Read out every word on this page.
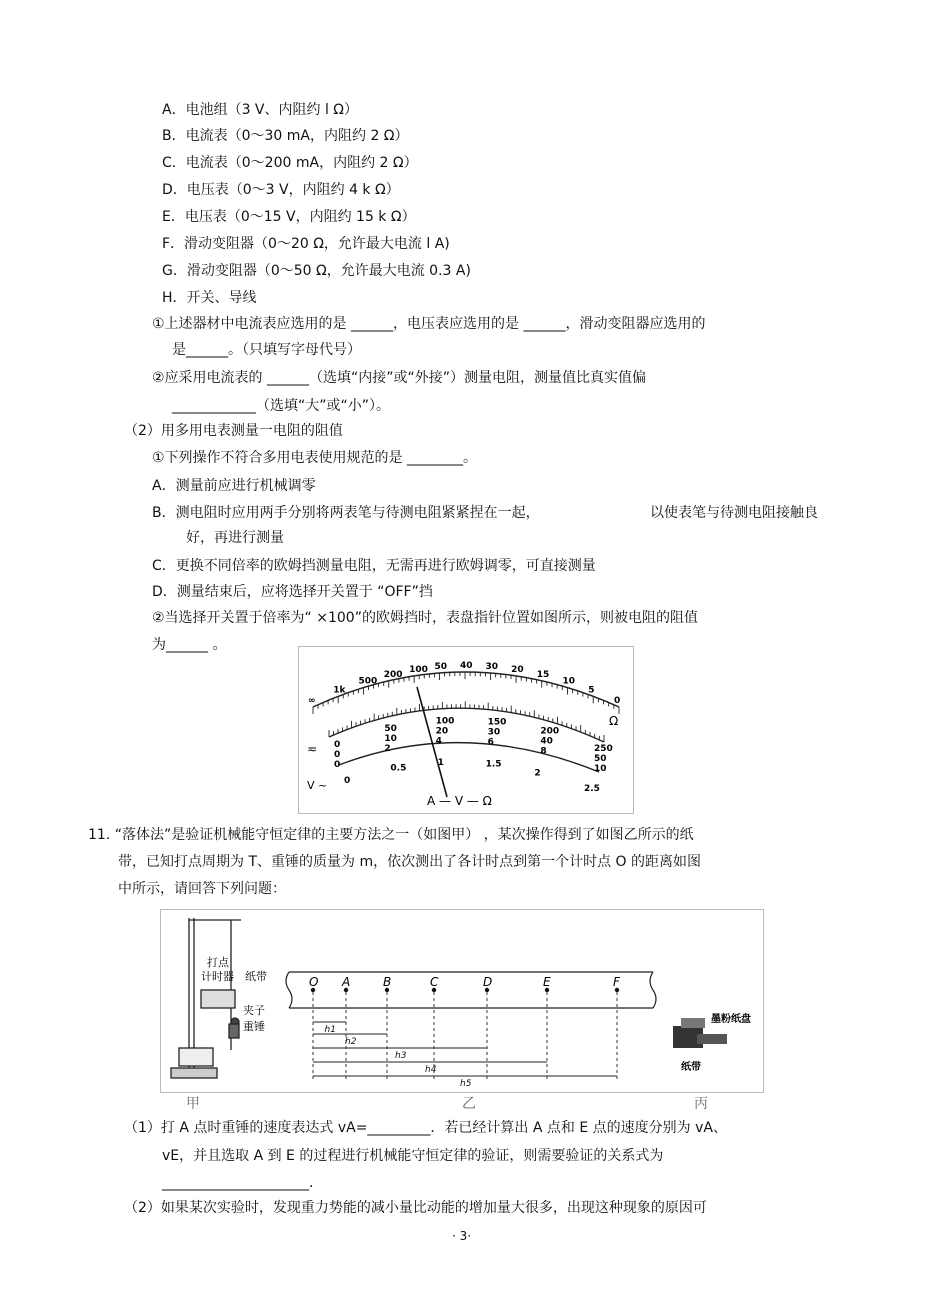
A．电池组（3 V、内阻约 l Ω）
B．电流表（0～30 mA，内阻约 2 Ω）
C．电流表（0～200 mA，内阻约 2 Ω）
D．电压表（0～3 V，内阻约 4 k Ω）
E．电压表（0～15 V，内阻约 15 k Ω）
F．滑动变阻器（0～20 Ω，允许最大电流 l A)
G．滑动变阻器（0～50 Ω，允许最大电流 0.3 A)
H．开关、导线
①上述器材中电流表应选用的是 ______，电压表应选用的是 ______，滑动变阻器应选用的
是______。（只填写字母代号）
②应采用电流表的 ______（选填“内接”或“外接”）测量电阻，测量值比真实值偏
____________（选填“大”或“小”）。
（2）用多用电表测量一电阻的阻值
①下列操作不符合多用电表使用规范的是 ________。
A．测量前应进行机械调零
B．测电阻时应用两手分别将两表笔与待测电阻紧紧捏在一起，	以使表笔与待测电阻接触良
好，再进行测量
C．更换不同倍率的欧姆挡测量电阻，无需再进行欧姆调零，可直接测量
D．测量结束后，应将选择开关置于 “OFF”挡
②当选择开关置于倍率为“ ×100”的欧姆挡时，表盘指针位置如图所示，则被电阻的阻值
为______ 。
Ω
≂
V ~
A — V — Ω
∞
1k
500
200 100 50 40 30 20 15
10
5
0
0
50
100	150
200
250
0
10
20	30
40
50
0
2
4	6
8
10
0
0.5
1	1.5
2
2.5
11. “落体法”是验证机械能守恒定律的主要方法之一（如图甲） ，某次操作得到了如图乙所示的纸
带，已知打点周期为 T、重锤的质量为 m，依次测出了各计时点到第一个计时点 O 的距离如图
中所示，请回答下列问题：
打点
计时器 纸带
夹子
重锤
O A	B	C	D	E	F
h1
h2
h3
h4
h5
墨粉纸盘
纸带
甲	乙	丙
（1）打 A 点时重锤的速度表达式 vA=_________．若已经计算出 A 点和 E 点的速度分别为 vA、
vE，并且选取 A 到 E 的过程进行机械能守恒定律的验证，则需要验证的关系式为
_____________________．
（2）如果某次实验时，发现重力势能的减小量比动能的增加量大很多，出现这种现象的原因可
· 3·
